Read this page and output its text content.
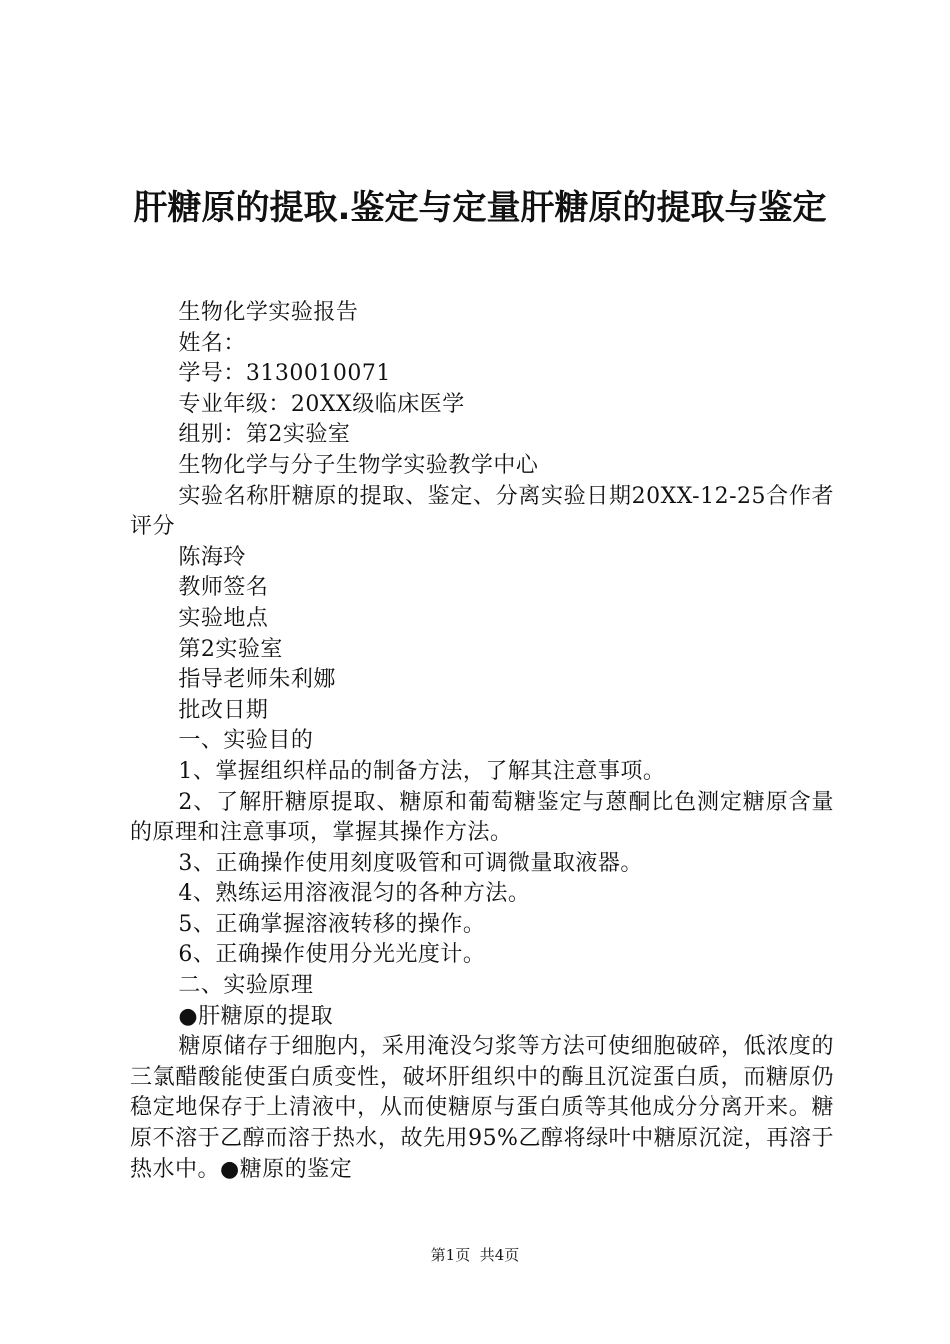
肝糖原的提取.鉴定与定量肝糖原的提取与鉴定

生物化学实验报告

姓名：

学号：3130010071

专业年级：20XX级临床医学

组别：第2实验室

生物化学与分子生物学实验教学中心

实验名称肝糖原的提取、鉴定、分离实验日期20XX-12-25合作者评分

陈海玲

教师签名

实验地点

第2实验室

指导老师朱利娜

批改日期

一、实验目的

1、掌握组织样品的制备方法，了解其注意事项。

2、了解肝糖原提取、糖原和葡萄糖鉴定与蒽酮比色测定糖原含量的原理和注意事项，掌握其操作方法。

3、正确操作使用刻度吸管和可调微量取液器。

4、熟练运用溶液混匀的各种方法。

5、正确掌握溶液转移的操作。

6、正确操作使用分光光度计。

二、实验原理

●肝糖原的提取

糖原储存于细胞内，采用淹没匀浆等方法可使细胞破碎，低浓度的三氯醋酸能使蛋白质变性，破坏肝组织中的酶且沉淀蛋白质，而糖原仍稳定地保存于上清液中，从而使糖原与蛋白质等其他成分分离开来。糖原不溶于乙醇而溶于热水，故先用95%乙醇将绿叶中糖原沉淀，再溶于热水中。●糖原的鉴定

第1页 共4页
